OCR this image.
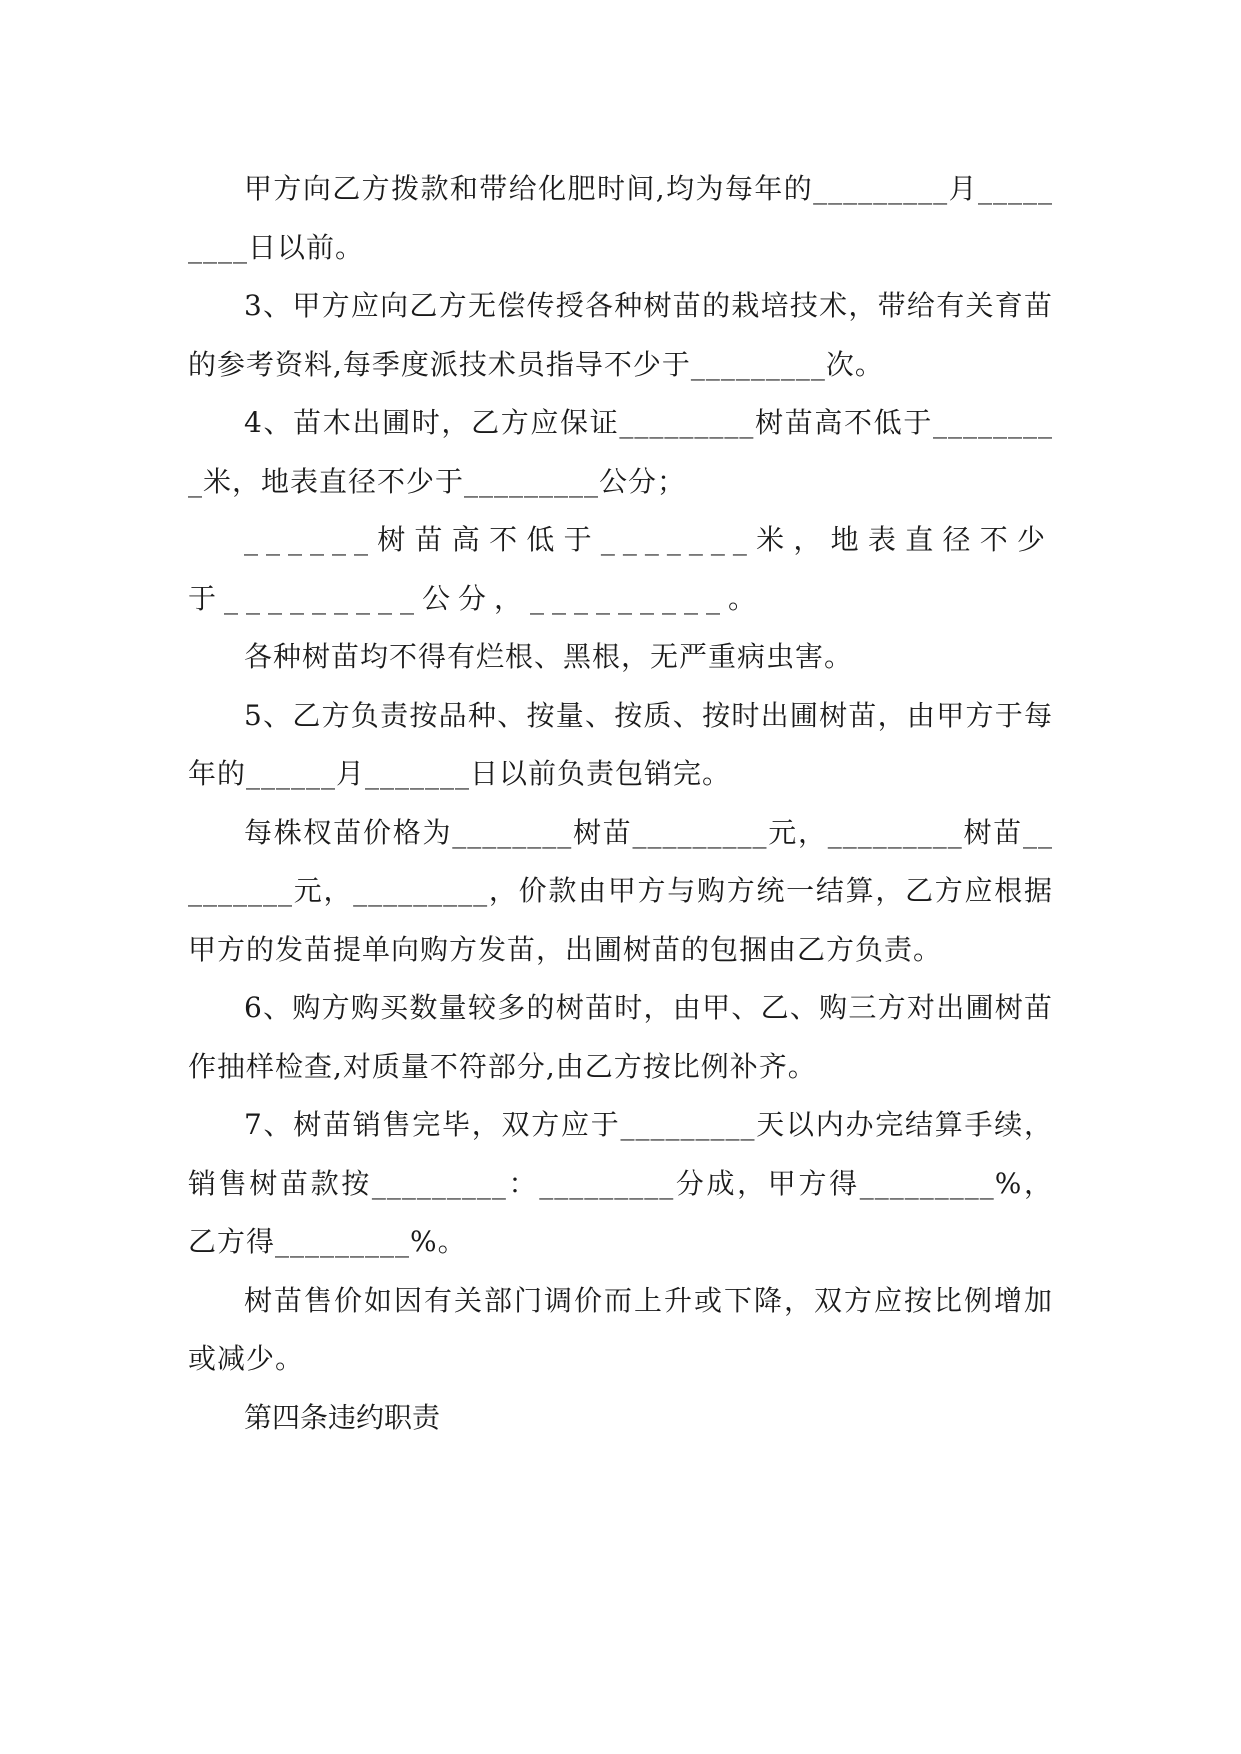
甲方向乙方拨款和带给化肥时间,均为每年的_________月_________日以前。

3、甲方应向乙方无偿传授各种树苗的栽培技术，带给有关育苗的参考资料,每季度派技术员指导不少于_________次。

4、苗木出圃时，乙方应保证_________树苗高不低于_________米，地表直径不少于_________公分；

______树苗高不低于_______米，地表直径不少于_________公分，_________。

各种树苗均不得有烂根、黑根，无严重病虫害。

5、乙方负责按品种、按量、按质、按时出圃树苗，由甲方于每年的______月_______日以前负责包销完。

每株杈苗价格为________树苗_________元，_________树苗_________元，_________，价款由甲方与购方统一结算，乙方应根据甲方的发苗提单向购方发苗，出圃树苗的包捆由乙方负责。

6、购方购买数量较多的树苗时，由甲、乙、购三方对出圃树苗作抽样检查,对质量不符部分,由乙方按比例补齐。

7、树苗销售完毕，双方应于_________天以内办完结算手续，销售树苗款按_________：_________分成，甲方得_________%，乙方得_________%。

树苗售价如因有关部门调价而上升或下降，双方应按比例增加或减少。

第四条违约职责
